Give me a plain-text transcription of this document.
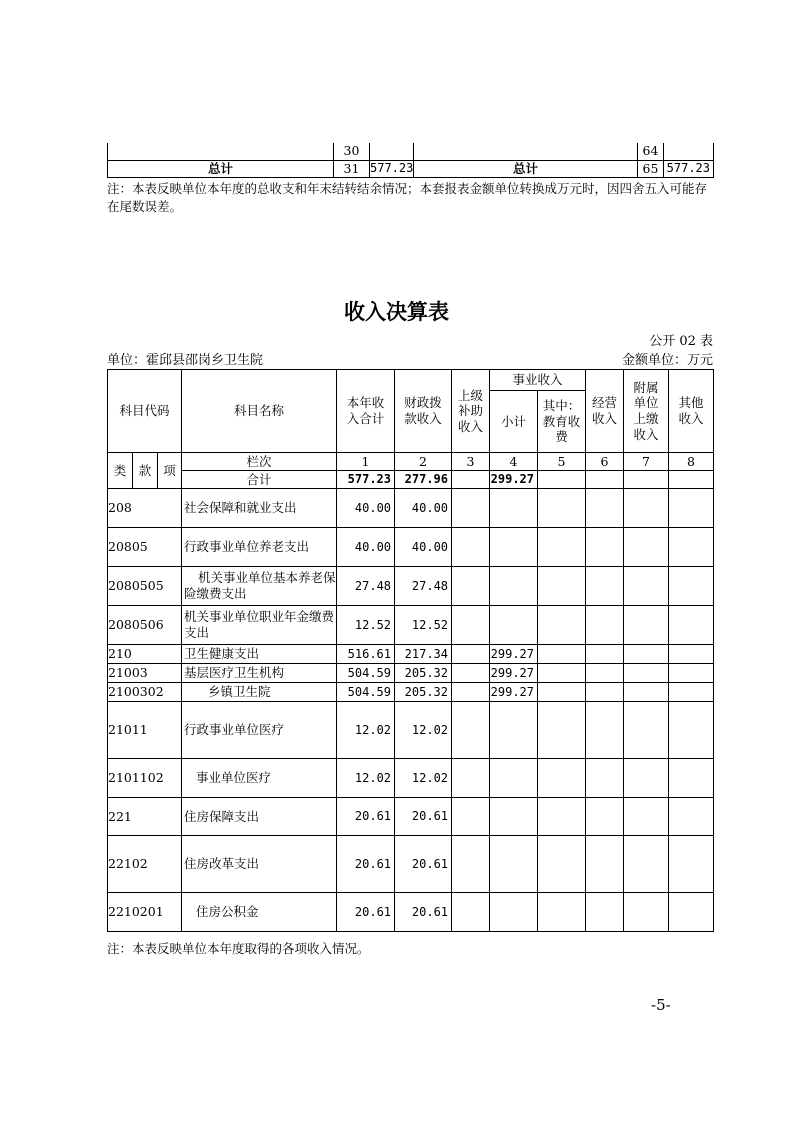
	30			64	
总计	31	577.23	总计	65	577.23
注：本表反映单位本年度的总收支和年末结转结余情况；本套报表金额单位转换成万元时，因四舍五入可能存在尾数误差。
收入决算表
公开 02 表
单位：霍邱县邵岗乡卫生院	金额单位：万元
科目代码			科目名称	本年收入合计	财政拨款收入	上级补助收入	事业收入		经营收入	附属单位上缴收入	其他收入
							小计	其中：教育收费			

类	款	项	栏次	1	2	3	4	5	6	7	8
			合计	577.23	277.96		299.27				
208			社会保障和就业支出	40.00	40.00						
20805			行政事业单位养老支出	40.00	40.00						
2080505			机关事业单位基本养老保险缴费支出	27.48	27.48						
2080506			机关事业单位职业年金缴费支出	12.52	12.52						
210			卫生健康支出	516.61	217.34		299.27				
21003			基层医疗卫生机构	504.59	205.32		299.27				
2100302			乡镇卫生院	504.59	205.32		299.27				
21011			行政事业单位医疗	12.02	12.02						
2101102			事业单位医疗	12.02	12.02						
221			住房保障支出	20.61	20.61						
22102			住房改革支出	20.61	20.61						
2210201			住房公积金	20.61	20.61						
注：本表反映单位本年度取得的各项收入情况。
-5-
